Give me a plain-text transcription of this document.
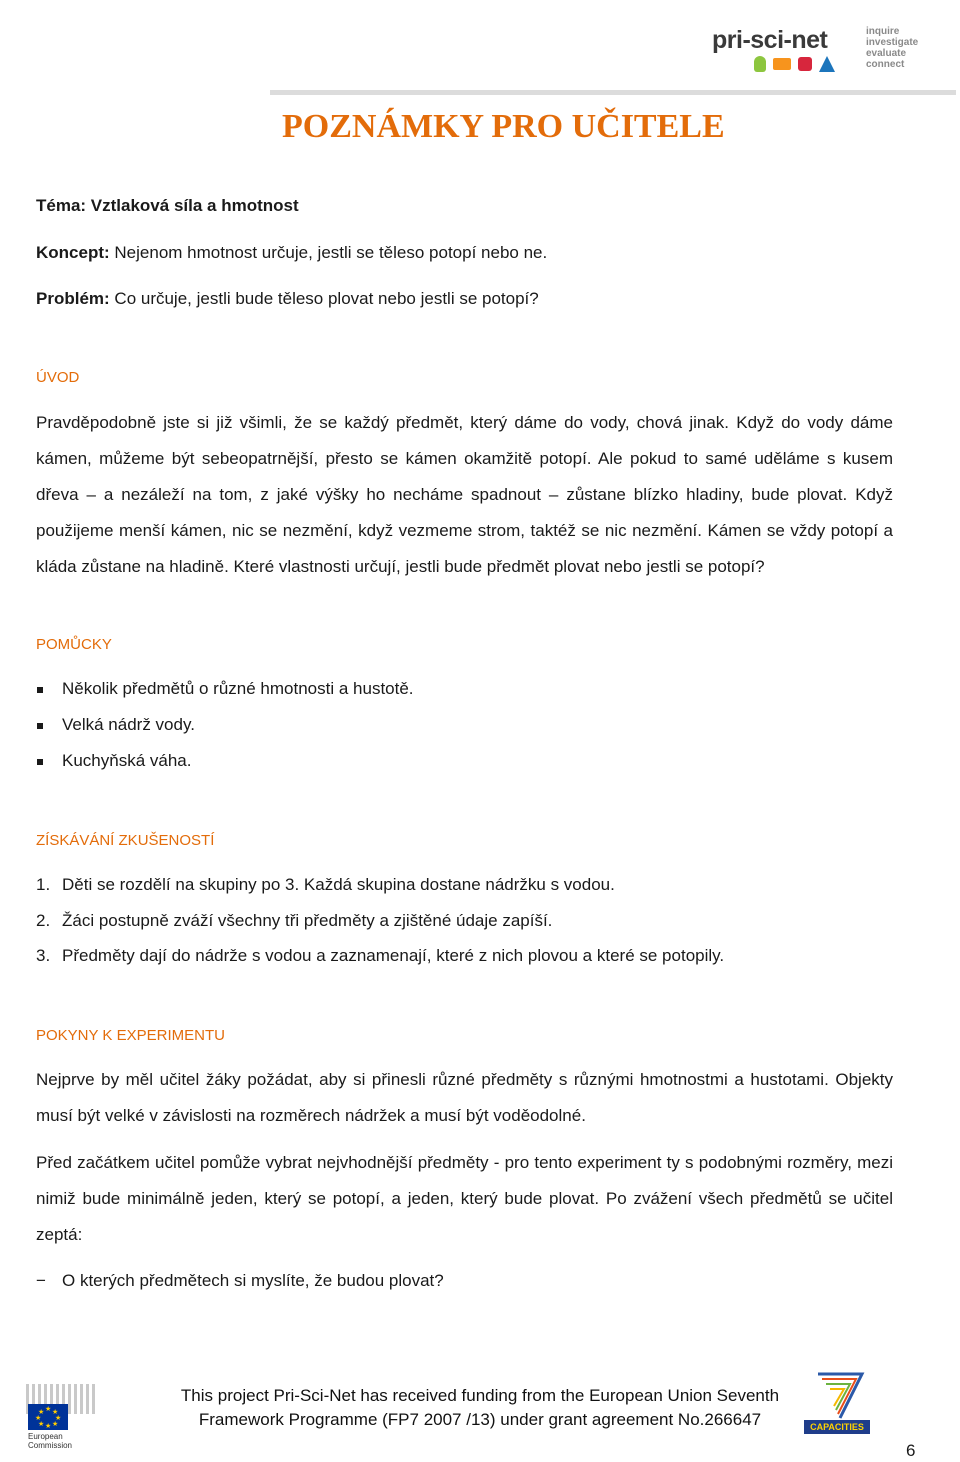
pri-sci-net	inquire
investigate
evaluate
connect
POZNÁMKY PRO UČITELE
Téma: Vztlaková síla a hmotnost
Koncept: Nejenom hmotnost určuje, jestli se těleso potopí nebo ne.
Problém: Co určuje, jestli bude těleso plovat nebo jestli se potopí?
ÚVOD
Pravděpodobně jste si již všimli, že se každý předmět, který dáme do vody, chová jinak. Když do vody dáme kámen, můžeme být sebeopatrnější, přesto se kámen okamžitě potopí. Ale pokud to samé uděláme s kusem dřeva – a nezáleží na tom, z jaké výšky ho necháme spadnout – zůstane blízko hladiny, bude plovat. Když použijeme menší kámen, nic se nezmění, když vezmeme strom, taktéž se nic nezmění. Kámen se vždy potopí a kláda zůstane na hladině. Které vlastnosti určují, jestli bude předmět plovat nebo jestli se potopí?
POMŮCKY
Několik předmětů o různé hmotnosti a hustotě.
Velká nádrž vody.
Kuchyňská váha.
ZÍSKÁVÁNÍ ZKUŠENOSTÍ
1. Děti se rozdělí na skupiny po 3. Každá skupina dostane nádržku s vodou.
2. Žáci postupně zváží všechny tři předměty a zjištěné údaje zapíší.
3. Předměty dají do nádrže s vodou a zaznamenají, které z nich plovou a které se potopily.
POKYNY K EXPERIMENTU
Nejprve by měl učitel žáky požádat, aby si přinesli různé předměty s různými hmotnostmi a hustotami. Objekty musí být velké v závislosti na rozměrech nádržek a musí být voděodolné.
Před začátkem učitel pomůže vybrat nejvhodnější předměty - pro tento experiment ty s podobnými rozměry, mezi nimiž bude minimálně jeden, který se potopí, a jeden, který bude plovat. Po zvážení všech předmětů se učitel zeptá:
− O kterých předmětech si myslíte, že budou plovat?
★ ★
★
★
★
★
★
★
European Commission
This project Pri-Sci-Net has received funding from the European Union Seventh
Framework Programme (FP7 2007 /13) under grant agreement No.266647	CAPACITIES
6
